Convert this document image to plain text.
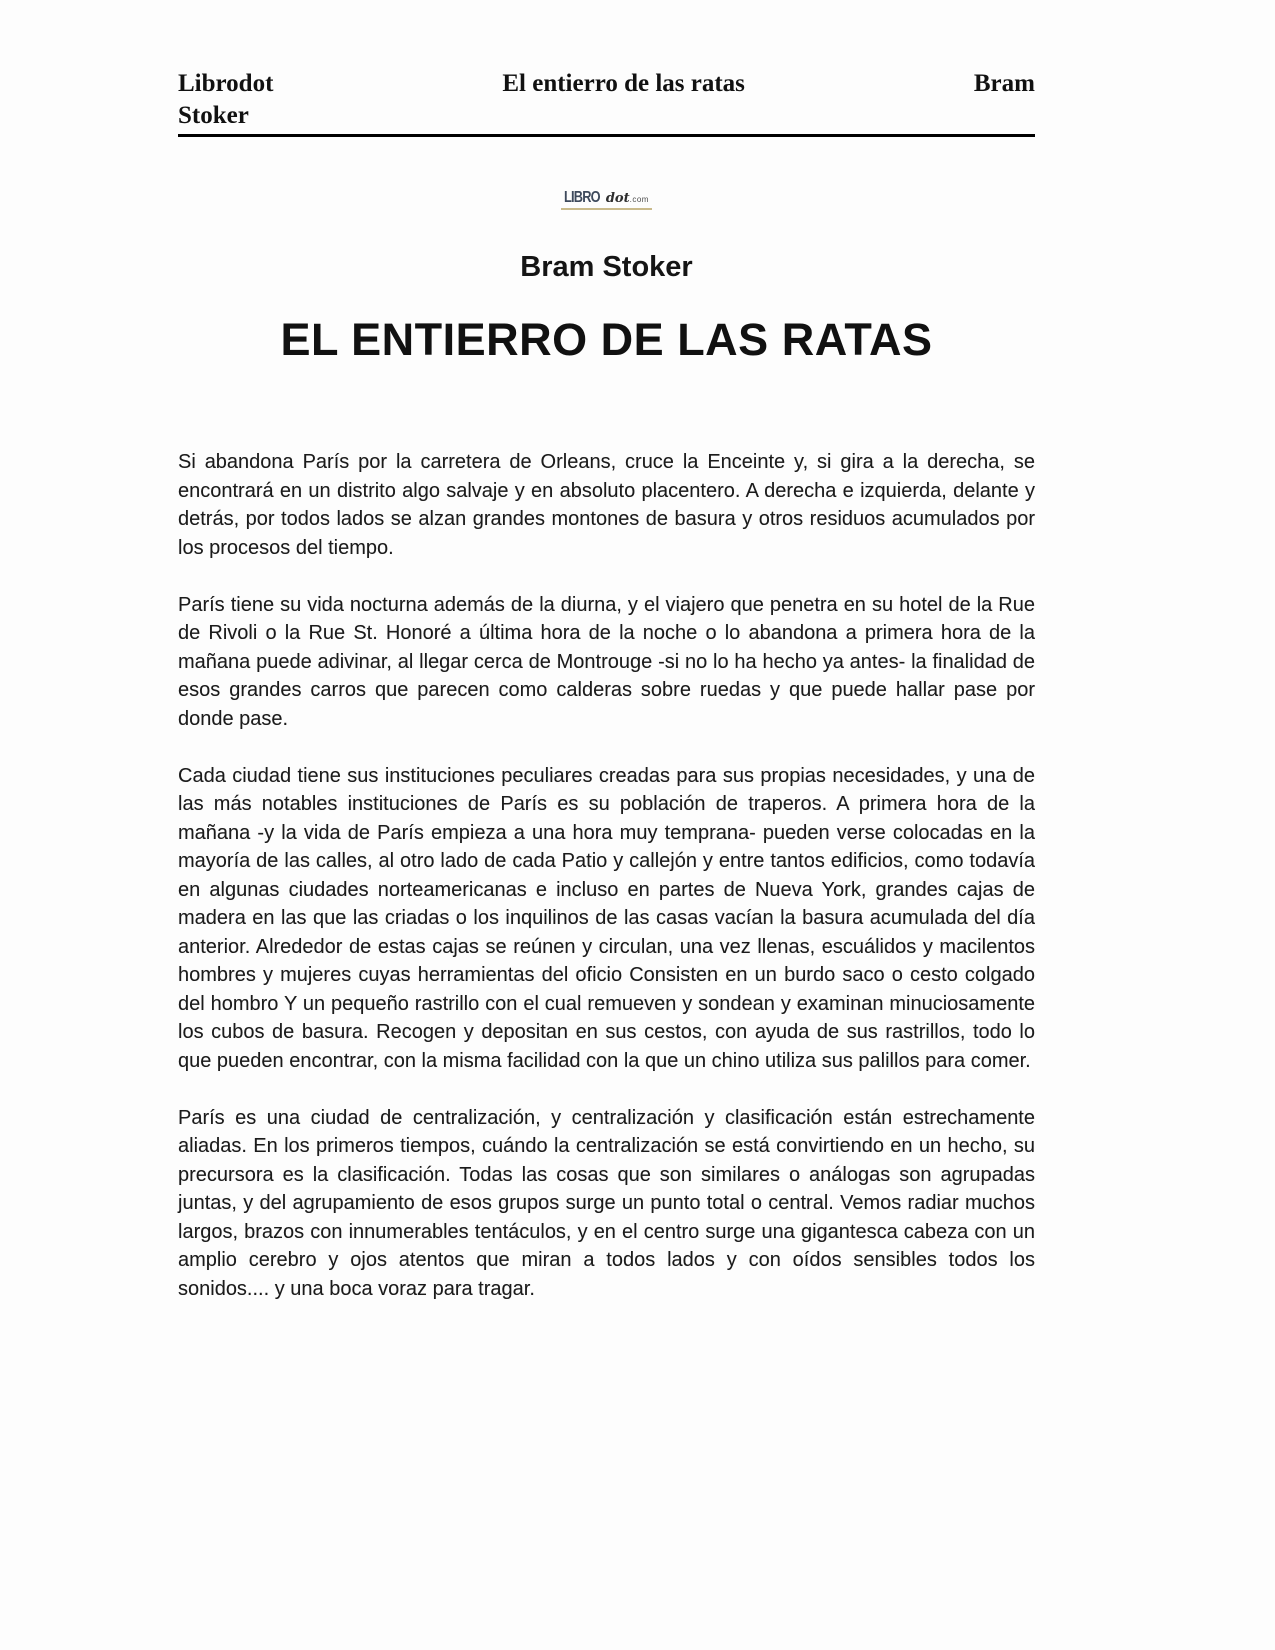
Librodot	El entierro de las ratas	Bram
Stoker
LIBRO dot.com
Bram Stoker
EL ENTIERRO DE LAS RATAS

Si abandona París por la carretera de Orleans, cruce la Enceinte y, si gira a la derecha, se encontrará en un distrito algo salvaje y en absoluto placentero. A derecha e izquierda, delante y detrás, por todos lados se alzan grandes montones de basura y otros residuos acumulados por los procesos del tiempo.

París tiene su vida nocturna además de la diurna, y el viajero que penetra en su hotel de la Rue de Rivoli o la Rue St. Honoré a última hora de la noche o lo abandona a primera hora de la mañana puede adivinar, al llegar cerca de Montrouge -si no lo ha hecho ya antes- la finalidad de esos grandes carros que parecen como calderas sobre ruedas y que puede hallar pase por donde pase.

Cada ciudad tiene sus instituciones peculiares creadas para sus propias necesidades, y una de las más notables instituciones de París es su población de traperos. A primera hora de la mañana -y la vida de París empieza a una hora muy temprana- pueden verse colocadas en la mayoría de las calles, al otro lado de cada Patio y callejón y entre tantos edificios, como todavía en algunas ciudades norteamericanas e incluso en partes de Nueva York, grandes cajas de madera en las que las criadas o los inquilinos de las casas vacían la basura acumulada del día anterior. Alrededor de estas cajas se reúnen y circulan, una vez llenas, escuálidos y macilentos hombres y mujeres cuyas herramientas del oficio Consisten en un burdo saco o cesto colgado del hombro Y un pequeño rastrillo con el cual remueven y sondean y examinan minuciosamente los cubos de basura. Recogen y depositan en sus cestos, con ayuda de sus rastrillos, todo lo que pueden encontrar, con la misma facilidad con la que un chino utiliza sus palillos para comer.

París es una ciudad de centralización, y centralización y clasificación están estrechamente aliadas. En los primeros tiempos, cuándo la centralización se está convirtiendo en un hecho, su precursora es la clasificación. Todas las cosas que son similares o análogas son agrupadas juntas, y del agrupamiento de esos grupos surge un punto total o central. Vemos radiar muchos largos, brazos con innumerables tentáculos, y en el centro surge una gigantesca cabeza con un amplio cerebro y ojos atentos que miran a todos lados y con oídos sensibles todos los sonidos.... y una boca voraz para tragar.
